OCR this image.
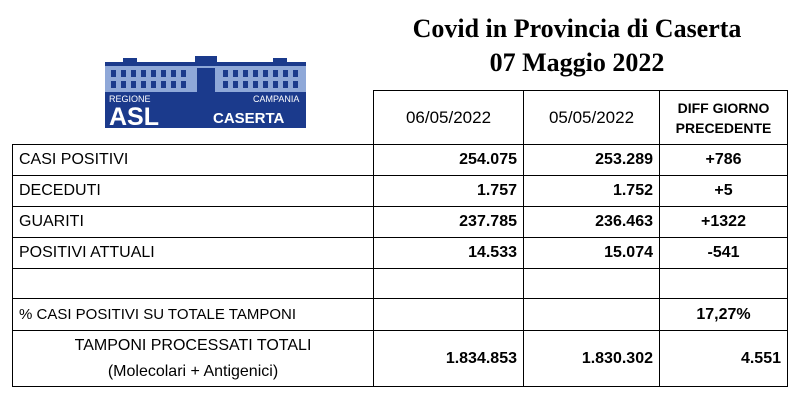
Covid in Provincia di Caserta
07 Maggio 2022
REGIONE	CAMPANIA
ASL	CASERTA
		06/05/2022	05/05/2022	DIFF GIORNO
PRECEDENTE

CASI POSITIVI	254.075	253.289	+786
DECEDUTI	1.757	1.752	+5
GUARITI	237.785	236.463	+1322
POSITIVI ATTUALI	14.533	15.074	-541

% CASI POSITIVI SU TOTALE TAMPONI			17,27%

TAMPONI PROCESSATI TOTALI
(Molecolari + Antigenici)	1.834.853	1.830.302	4.551
